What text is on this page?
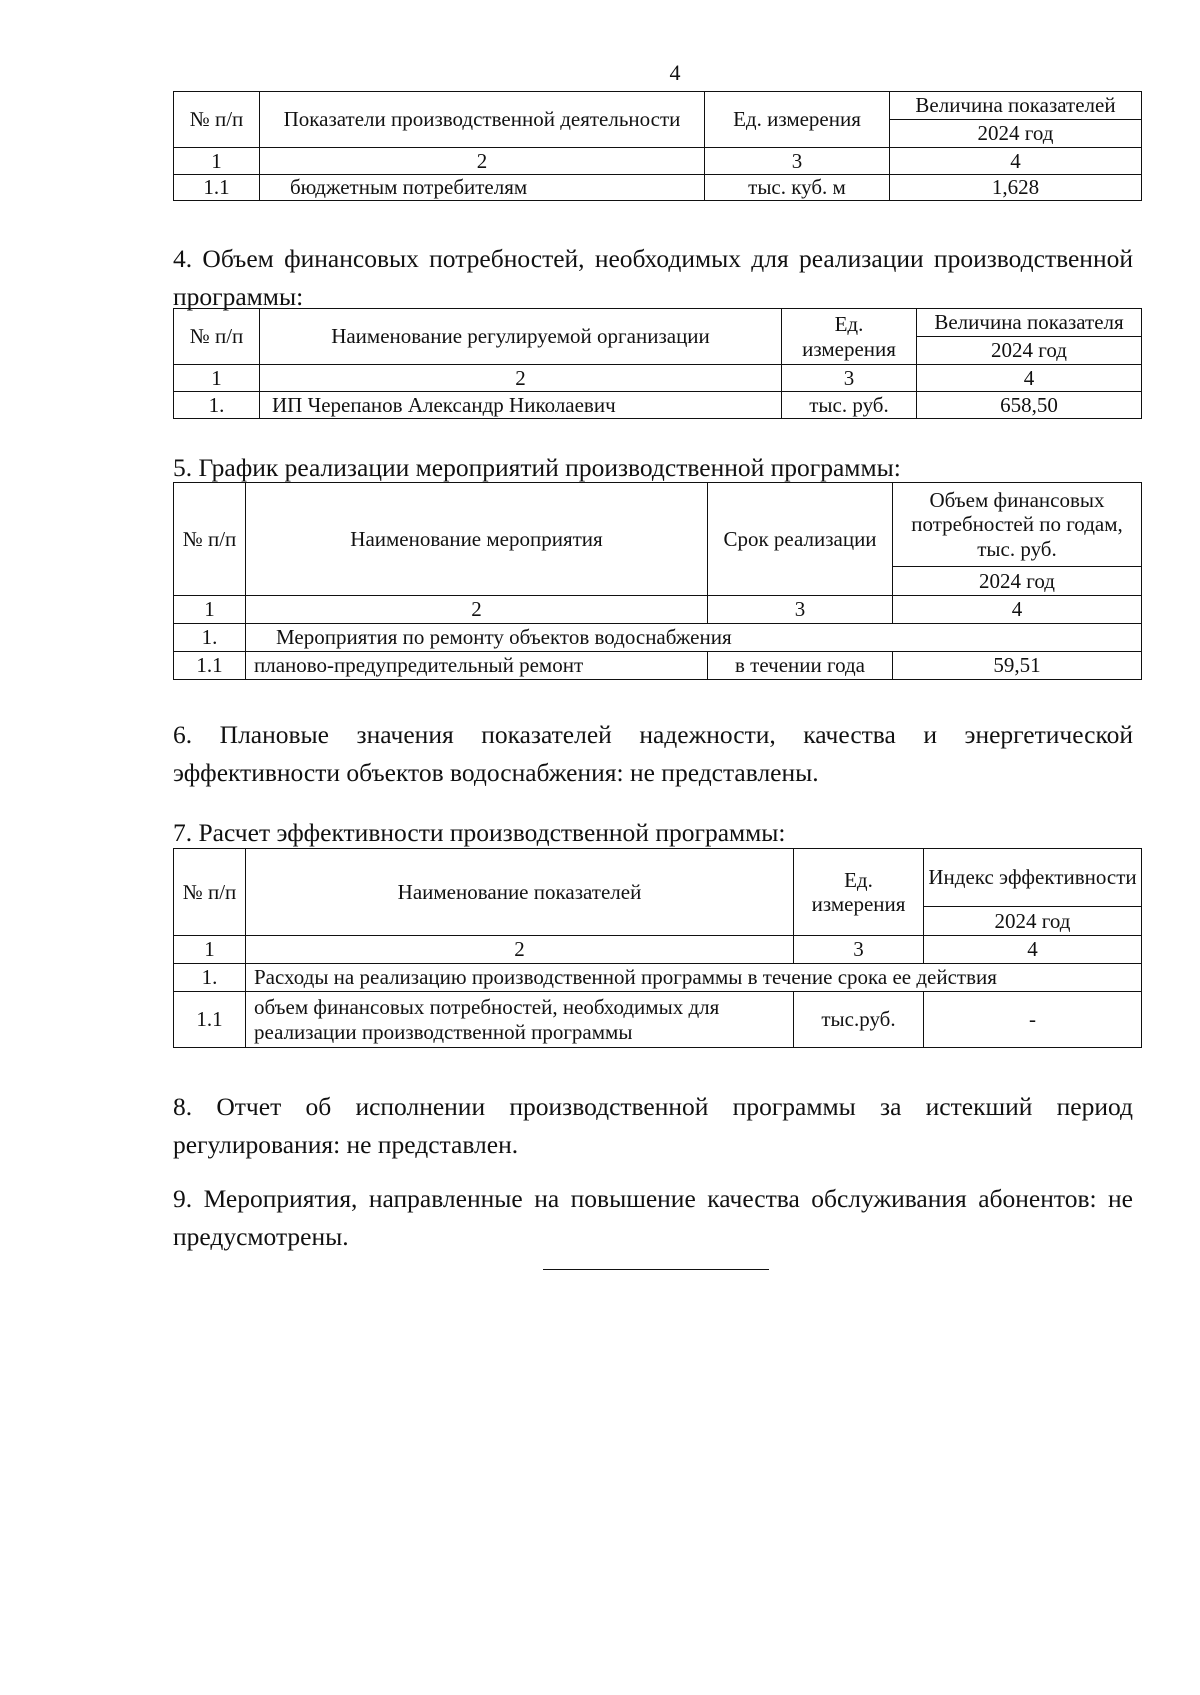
4
№ п/п	Показатели производственной деятельности	Ед. измерения	Величина показателей
			2024 год
1	2	3	4
1.1	бюджетным потребителям	тыс. куб. м	1,628

4. Объем финансовых потребностей, необходимых для реализации производственной программы:

№ п/п	Наименование регулируемой организации	Ед. измерения	Величина показателя
			2024 год
1	2	3	4
1.	ИП Черепанов Александр Николаевич	тыс. руб.	658,50

5. График реализации мероприятий производственной программы:

№ п/п	Наименование мероприятия	Срок реализации	Объем финансовых потребностей по годам, тыс. руб.
			2024 год
1	2	3	4
1.	Мероприятия по ремонту объектов водоснабжения		
1.1	планово-предупредительный ремонт	в течении года	59,51

6. Плановые значения показателей надежности, качества и энергетической эффективности объектов водоснабжения: не представлены.

7. Расчет эффективности производственной программы:

№ п/п	Наименование показателей	Ед. измерения	Индекс эффективности
			2024 год
1	2	3	4
1.	Расходы на реализацию производственной программы в течение срока ее действия		
1.1	объем финансовых потребностей, необходимых для реализации производственной программы	тыс.руб.	-

8. Отчет об исполнении производственной программы за истекший период регулирования: не представлен.

9. Мероприятия, направленные на повышение качества обслуживания абонентов: не предусмотрены.
